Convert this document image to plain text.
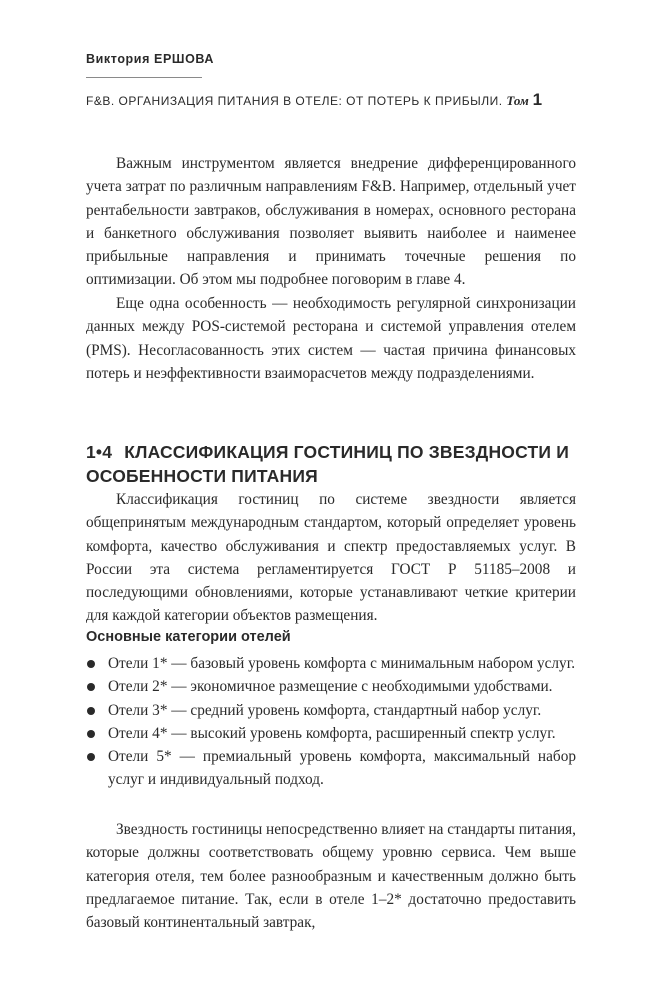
Виктория ЕРШОВА
F&B. ОРГАНИЗАЦИЯ ПИТАНИЯ В ОТЕЛЕ: ОТ ПОТЕРЬ К ПРИБЫЛИ. Том 1

Важным инструментом является внедрение дифференцированного учета затрат по различным направлениям F&B. Например, отдельный учет рентабельности завтраков, обслуживания в номерах, основного ресторана и банкетного обслуживания позволяет выявить наиболее и наименее прибыльные направления и принимать точечные решения по оптимизации. Об этом мы подробнее поговорим в главе 4.

Еще одна особенность — необходимость регулярной синхронизации данных между POS-системой ресторана и системой управления отелем (PMS). Несогласованность этих систем — частая причина финансовых потерь и неэффективности взаиморасчетов между подразделениями.

1•4 КЛАССИФИКАЦИЯ ГОСТИНИЦ ПО ЗВЕЗДНОСТИ И ОСОБЕННОСТИ ПИТАНИЯ

Классификация гостиниц по системе звездности является общепринятым международным стандартом, который определяет уровень комфорта, качество обслуживания и спектр предоставляемых услуг. В России эта система регламентируется ГОСТ Р 51185–2008 и последующими обновлениями, которые устанавливают четкие критерии для каждой категории объектов размещения.

Основные категории отелей
Отели 1* — базовый уровень комфорта с минимальным набором услуг.
Отели 2* — экономичное размещение с необходимыми удобствами.
Отели 3* — средний уровень комфорта, стандартный набор услуг.
Отели 4* — высокий уровень комфорта, расширенный спектр услуг.
Отели 5* — премиальный уровень комфорта, максимальный набор услуг и индивидуальный подход.

Звездность гостиницы непосредственно влияет на стандарты питания, которые должны соответствовать общему уровню сервиса. Чем выше категория отеля, тем более разнообразным и качественным должно быть предлагаемое питание. Так, если в отеле 1–2* достаточно предоставить базовый континентальный завтрак,
